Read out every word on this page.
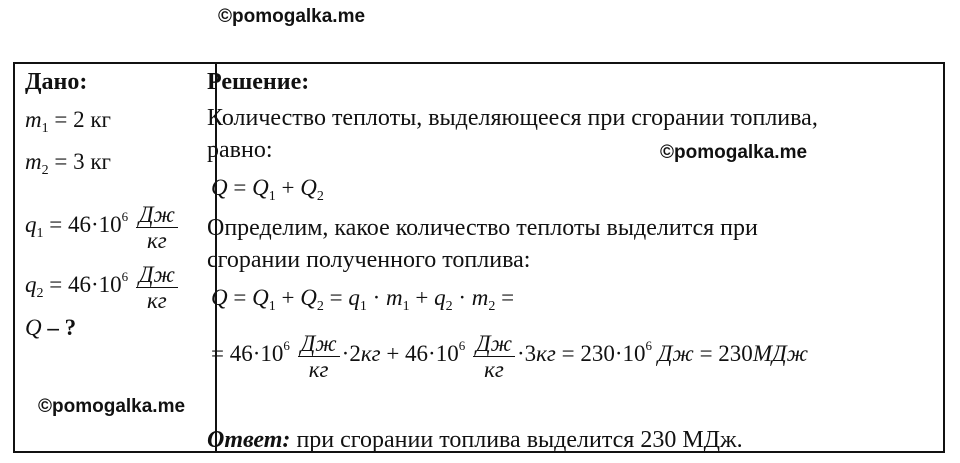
©pomogalka.me
Дано:
$m_1 = 2$ кг
$m_2 = 3$ кг
$q_1 = 46\cdot 10^6 \frac{Дж}{кг}$
$q_2 = 46\cdot 10^6 \frac{Дж}{кг}$
Q – ?
Решение:
Количество теплоты, выделяющееся при сгорании топлива,
равно:
$Q = Q_1 + Q_2$
Определим, какое количество теплоты выделится при
сгорании полученного топлива:
$Q = Q_1 + Q_2 = q_1 \cdot m_1 + q_2 \cdot m_2$ =
= $46\cdot 10^6 \frac{Дж}{кг} \cdot 2кг + 46\cdot 10^6 \frac{Дж}{кг} \cdot 3кг = 230\cdot 10^6$ Дж = 230МДж
Ответ: при сгорании топлива выделится 230 МДж.
©pomogalka.me
©pomogalka.me
